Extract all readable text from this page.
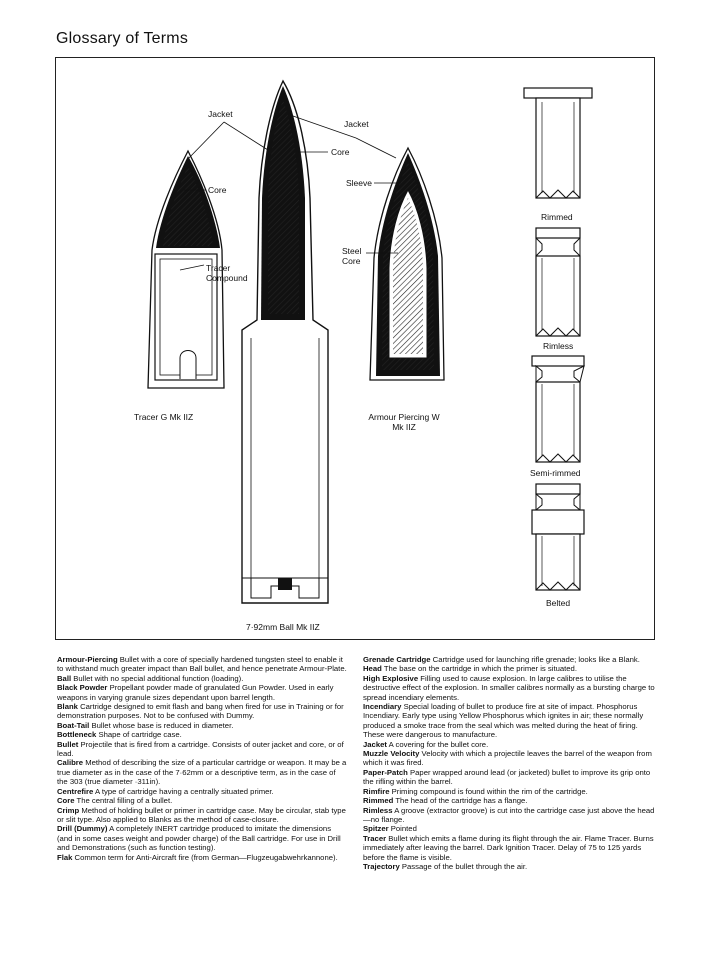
Glossary of Terms
Jacket
Core
Tracer Compound
Jacket
Core
Sleeve
Steel Core
Tracer G Mk IIZ	Armour Piercing W Mk IIZ
7·92mm Ball Mk IIZ
Rimmed
Rimless
Semi-rimmed
Belted

Armour-Piercing Bullet with a core of specially hardened tungsten steel to enable it to withstand much greater impact than Ball bullet, and hence penetrate Armour-Plate.

Ball Bullet with no special additional function (loading).

Black Powder Propellant powder made of granulated Gun Powder. Used in early weapons in varying granule sizes dependant upon barrel length.

Blank Cartridge designed to emit flash and bang when fired for use in Training or for demonstration purposes. Not to be confused with Dummy.

Boat-Tail Bullet whose base is reduced in diameter.

Bottleneck Shape of cartridge case.

Bullet Projectile that is fired from a cartridge. Consists of outer jacket and core, or of lead.

Calibre Method of describing the size of a particular cartridge or weapon. It may be a true diameter as in the case of the 7·62mm or a descriptive term, as in the case of the 303 (true diameter ·311in).

Centrefire A type of cartridge having a centrally situated primer.

Core The central filling of a bullet.

Crimp Method of holding bullet or primer in cartridge case. May be circular, stab type or slit type. Also applied to Blanks as the method of case-closure.

Drill (Dummy) A completely INERT cartridge produced to imitate the dimensions (and in some cases weight and powder charge) of the Ball cartridge. For use in Drill and Demonstrations (such as function testing).

Flak Common term for Anti-Aircraft fire (from German—Flugzeugabwehrkannone).

Grenade Cartridge Cartridge used for launching rifle grenade; looks like a Blank.

Head The base on the cartridge in which the primer is situated.

High Explosive Filling used to cause explosion. In large calibres to utilise the destructive effect of the explosion. In smaller calibres normally as a bursting charge to spread incendiary elements.

Incendiary Special loading of bullet to produce fire at site of impact. Phosphorus Incendiary. Early type using Yellow Phosphorus which ignites in air; these normally produced a smoke trace from the seal which was melted during the heat of firing. These were dangerous to manufacture.

Jacket A covering for the bullet core.

Muzzle Velocity Velocity with which a projectile leaves the barrel of the weapon from which it was fired.

Paper-Patch Paper wrapped around lead (or jacketed) bullet to improve its grip onto the rifling within the barrel.

Rimfire Priming compound is found within the rim of the cartridge.

Rimmed The head of the cartridge has a flange.

Rimless A groove (extractor groove) is cut into the cartridge case just above the head—no flange.

Spitzer Pointed

Tracer Bullet which emits a flame during its flight through the air. Flame Tracer. Burns immediately after leaving the barrel. Dark Ignition Tracer. Delay of 75 to 125 yards before the flame is visible.

Trajectory Passage of the bullet through the air.
